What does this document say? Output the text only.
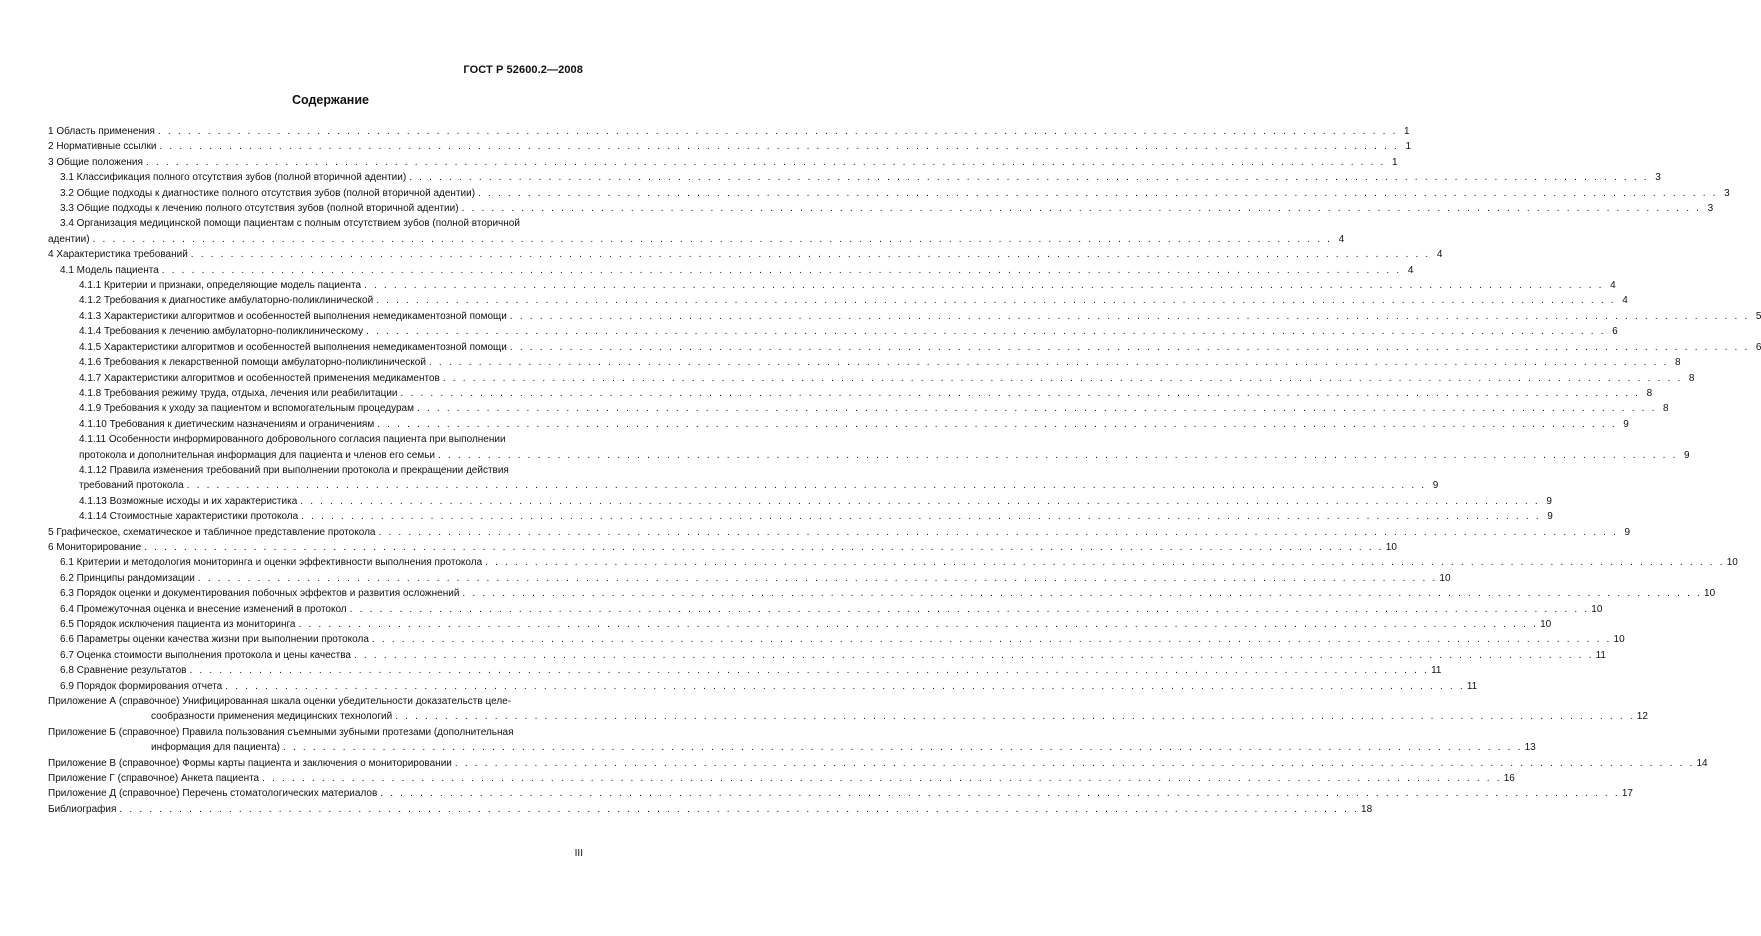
ГОСТ Р 52600.2—2008
Содержание
1 Область применения . . .	1
2 Нормативные ссылки . . .	1
3 Общие положения . . .	1
3.1 Классификация полного отсутствия зубов (полной вторичной адентии) . . .	3
3.2 Общие подходы к диагностике полного отсутствия зубов (полной вторичной адентии) . . .	3
3.3 Общие подходы к лечению полного отсутствия зубов (полной вторичной адентии) . . .	3
3.4 Организация медицинской помощи пациентам с полным отсутствием зубов (полной вторичной
адентии) . . .	4
4 Характеристика требований . . .	4
4.1 Модель пациента . . .	4
4.1.1 Критерии и признаки, определяющие модель пациента . . .	4
4.1.2 Требования к диагностике амбулаторно-поликлинической . . .	4
4.1.3 Характеристики алгоритмов и особенностей выполнения немедикаментозной помощи . . .	5
4.1.4 Требования к лечению амбулаторно-поликлиническому . . .	6
4.1.5 Характеристики алгоритмов и особенностей выполнения немедикаментозной помощи . . .	6
4.1.6 Требования к лекарственной помощи амбулаторно-поликлинической . . .	8
4.1.7 Характеристики алгоритмов и особенностей применения медикаментов . . .	8
4.1.8 Требования режиму труда, отдыха, лечения или реабилитации . . .	8
4.1.9 Требования к уходу за пациентом и вспомогательным процедурам . . .	8
4.1.10 Требования к диетическим назначениям и ограничениям . . .	9
4.1.11 Особенности информированного добровольного согласия пациента при выполнении
протокола и дополнительная информация для пациента и членов его семьи . . .	9
4.1.12 Правила изменения требований при выполнении протокола и прекращении действия
требований протокола . . .	9
4.1.13 Возможные исходы и их характеристика . . .	9
4.1.14 Стоимостные характеристики протокола . . .	9
5 Графическое, схематическое и табличное представление протокола . . .	9
6 Мониторирование . . .	10
6.1 Критерии и методология мониторинга и оценки эффективности выполнения протокола . . .	10
6.2 Принципы рандомизации . . .	10
6.3 Порядок оценки и документирования побочных эффектов и развития осложнений . . .	10
6.4 Промежуточная оценка и внесение изменений в протокол . . .	10
6.5 Порядок исключения пациента из мониторинга . . .	10
6.6 Параметры оценки качества жизни при выполнении протокола . . .	10
6.7 Оценка стоимости выполнения протокола и цены качества . . .	11
6.8 Сравнение результатов . . .	11
6.9 Порядок формирования отчета . . .	11
Приложение А (справочное) Унифицированная шкала оценки убедительности доказательств целе-
сообразности применения медицинских технологий . . .	12
Приложение Б (справочное) Правила пользования съемными зубными протезами (дополнительная
информация для пациента) . . .	13
Приложение В (справочное) Формы карты пациента и заключения о мониторировании . . .	14
Приложение Г (справочное) Анкета пациента . . .	16
Приложение Д (справочное) Перечень стоматологических материалов . . .	17
Библиография . . .	18
III
